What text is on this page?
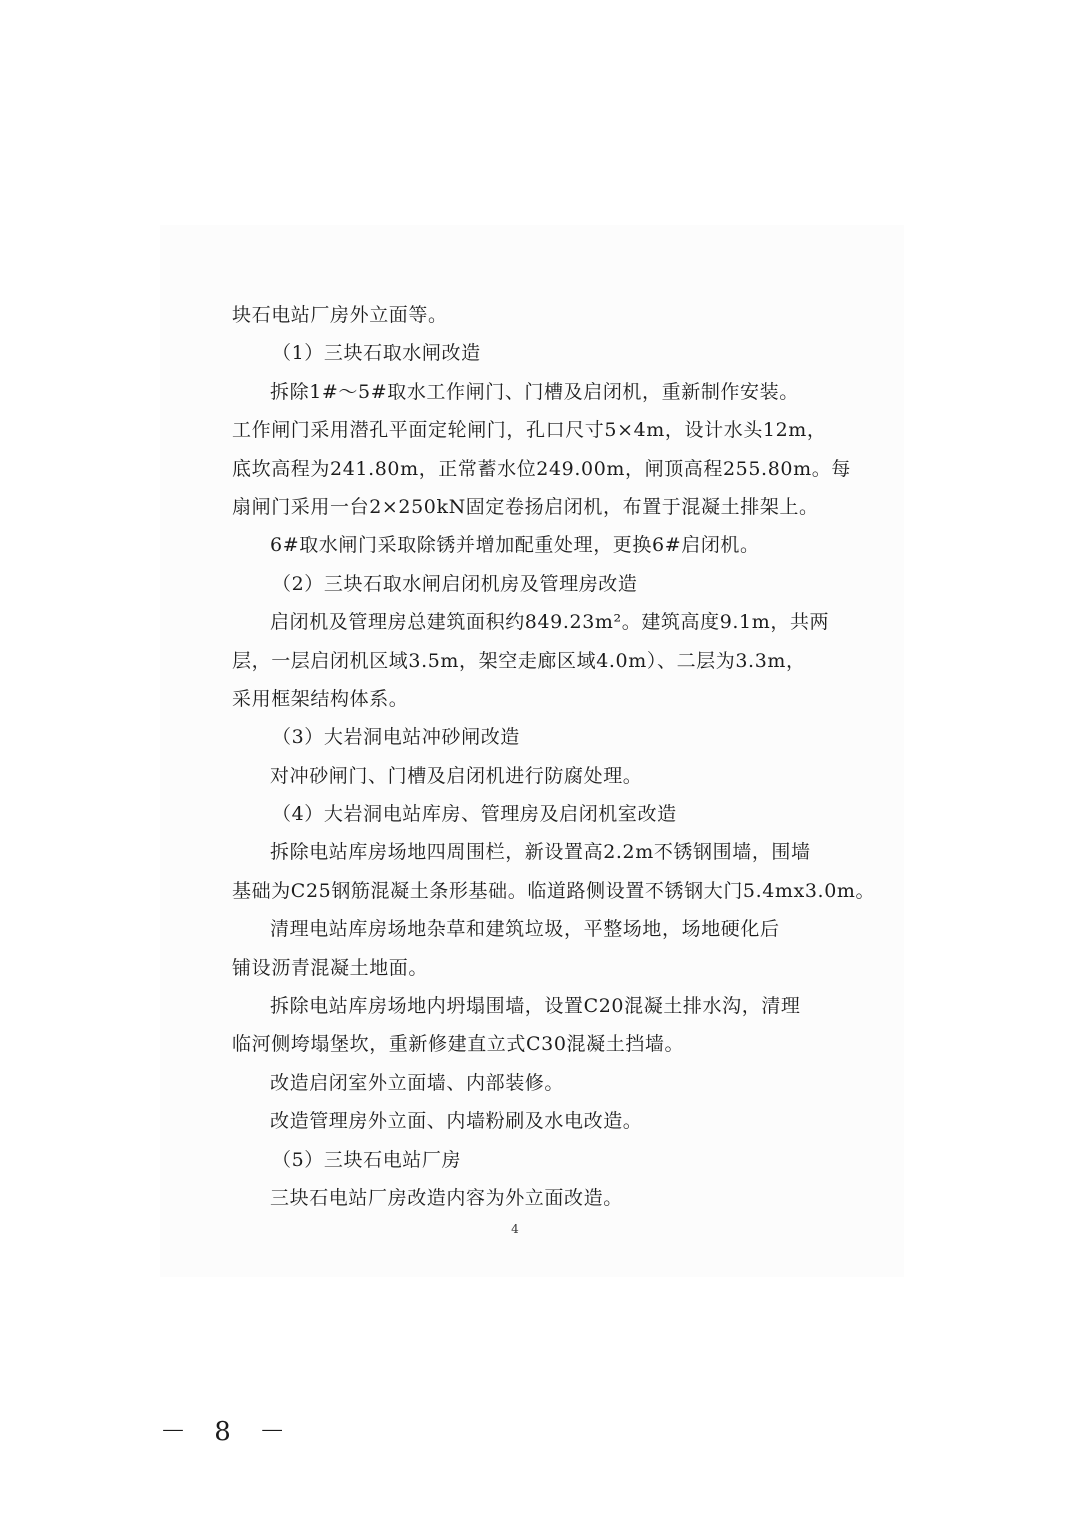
块石电站厂房外立面等。
（1）三块石取水闸改造
拆除1#～5#取水工作闸门、门槽及启闭机，重新制作安装。
工作闸门采用潜孔平面定轮闸门，孔口尺寸5×4m，设计水头12m，
底坎高程为241.80m，正常蓄水位249.00m，闸顶高程255.80m。每
扇闸门采用一台2×250kN固定卷扬启闭机，布置于混凝土排架上。
6#取水闸门采取除锈并增加配重处理，更换6#启闭机。
（2）三块石取水闸启闭机房及管理房改造
启闭机及管理房总建筑面积约849.23m²。建筑高度9.1m，共两
层，一层启闭机区域3.5m，架空走廊区域4.0m）、二层为3.3m，
采用框架结构体系。
（3）大岩洞电站冲砂闸改造
对冲砂闸门、门槽及启闭机进行防腐处理。
（4）大岩洞电站库房、管理房及启闭机室改造
拆除电站库房场地四周围栏，新设置高2.2m不锈钢围墙，围墙
基础为C25钢筋混凝土条形基础。临道路侧设置不锈钢大门5.4mx3.0m。
清理电站库房场地杂草和建筑垃圾，平整场地，场地硬化后
铺设沥青混凝土地面。
拆除电站库房场地内坍塌围墙，设置C20混凝土排水沟，清理
临河侧垮塌堡坎，重新修建直立式C30混凝土挡墙。
改造启闭室外立面墙、内部装修。
改造管理房外立面、内墙粉刷及水电改造。
（5）三块石电站厂房
三块石电站厂房改造内容为外立面改造。
4
－ 8 －
